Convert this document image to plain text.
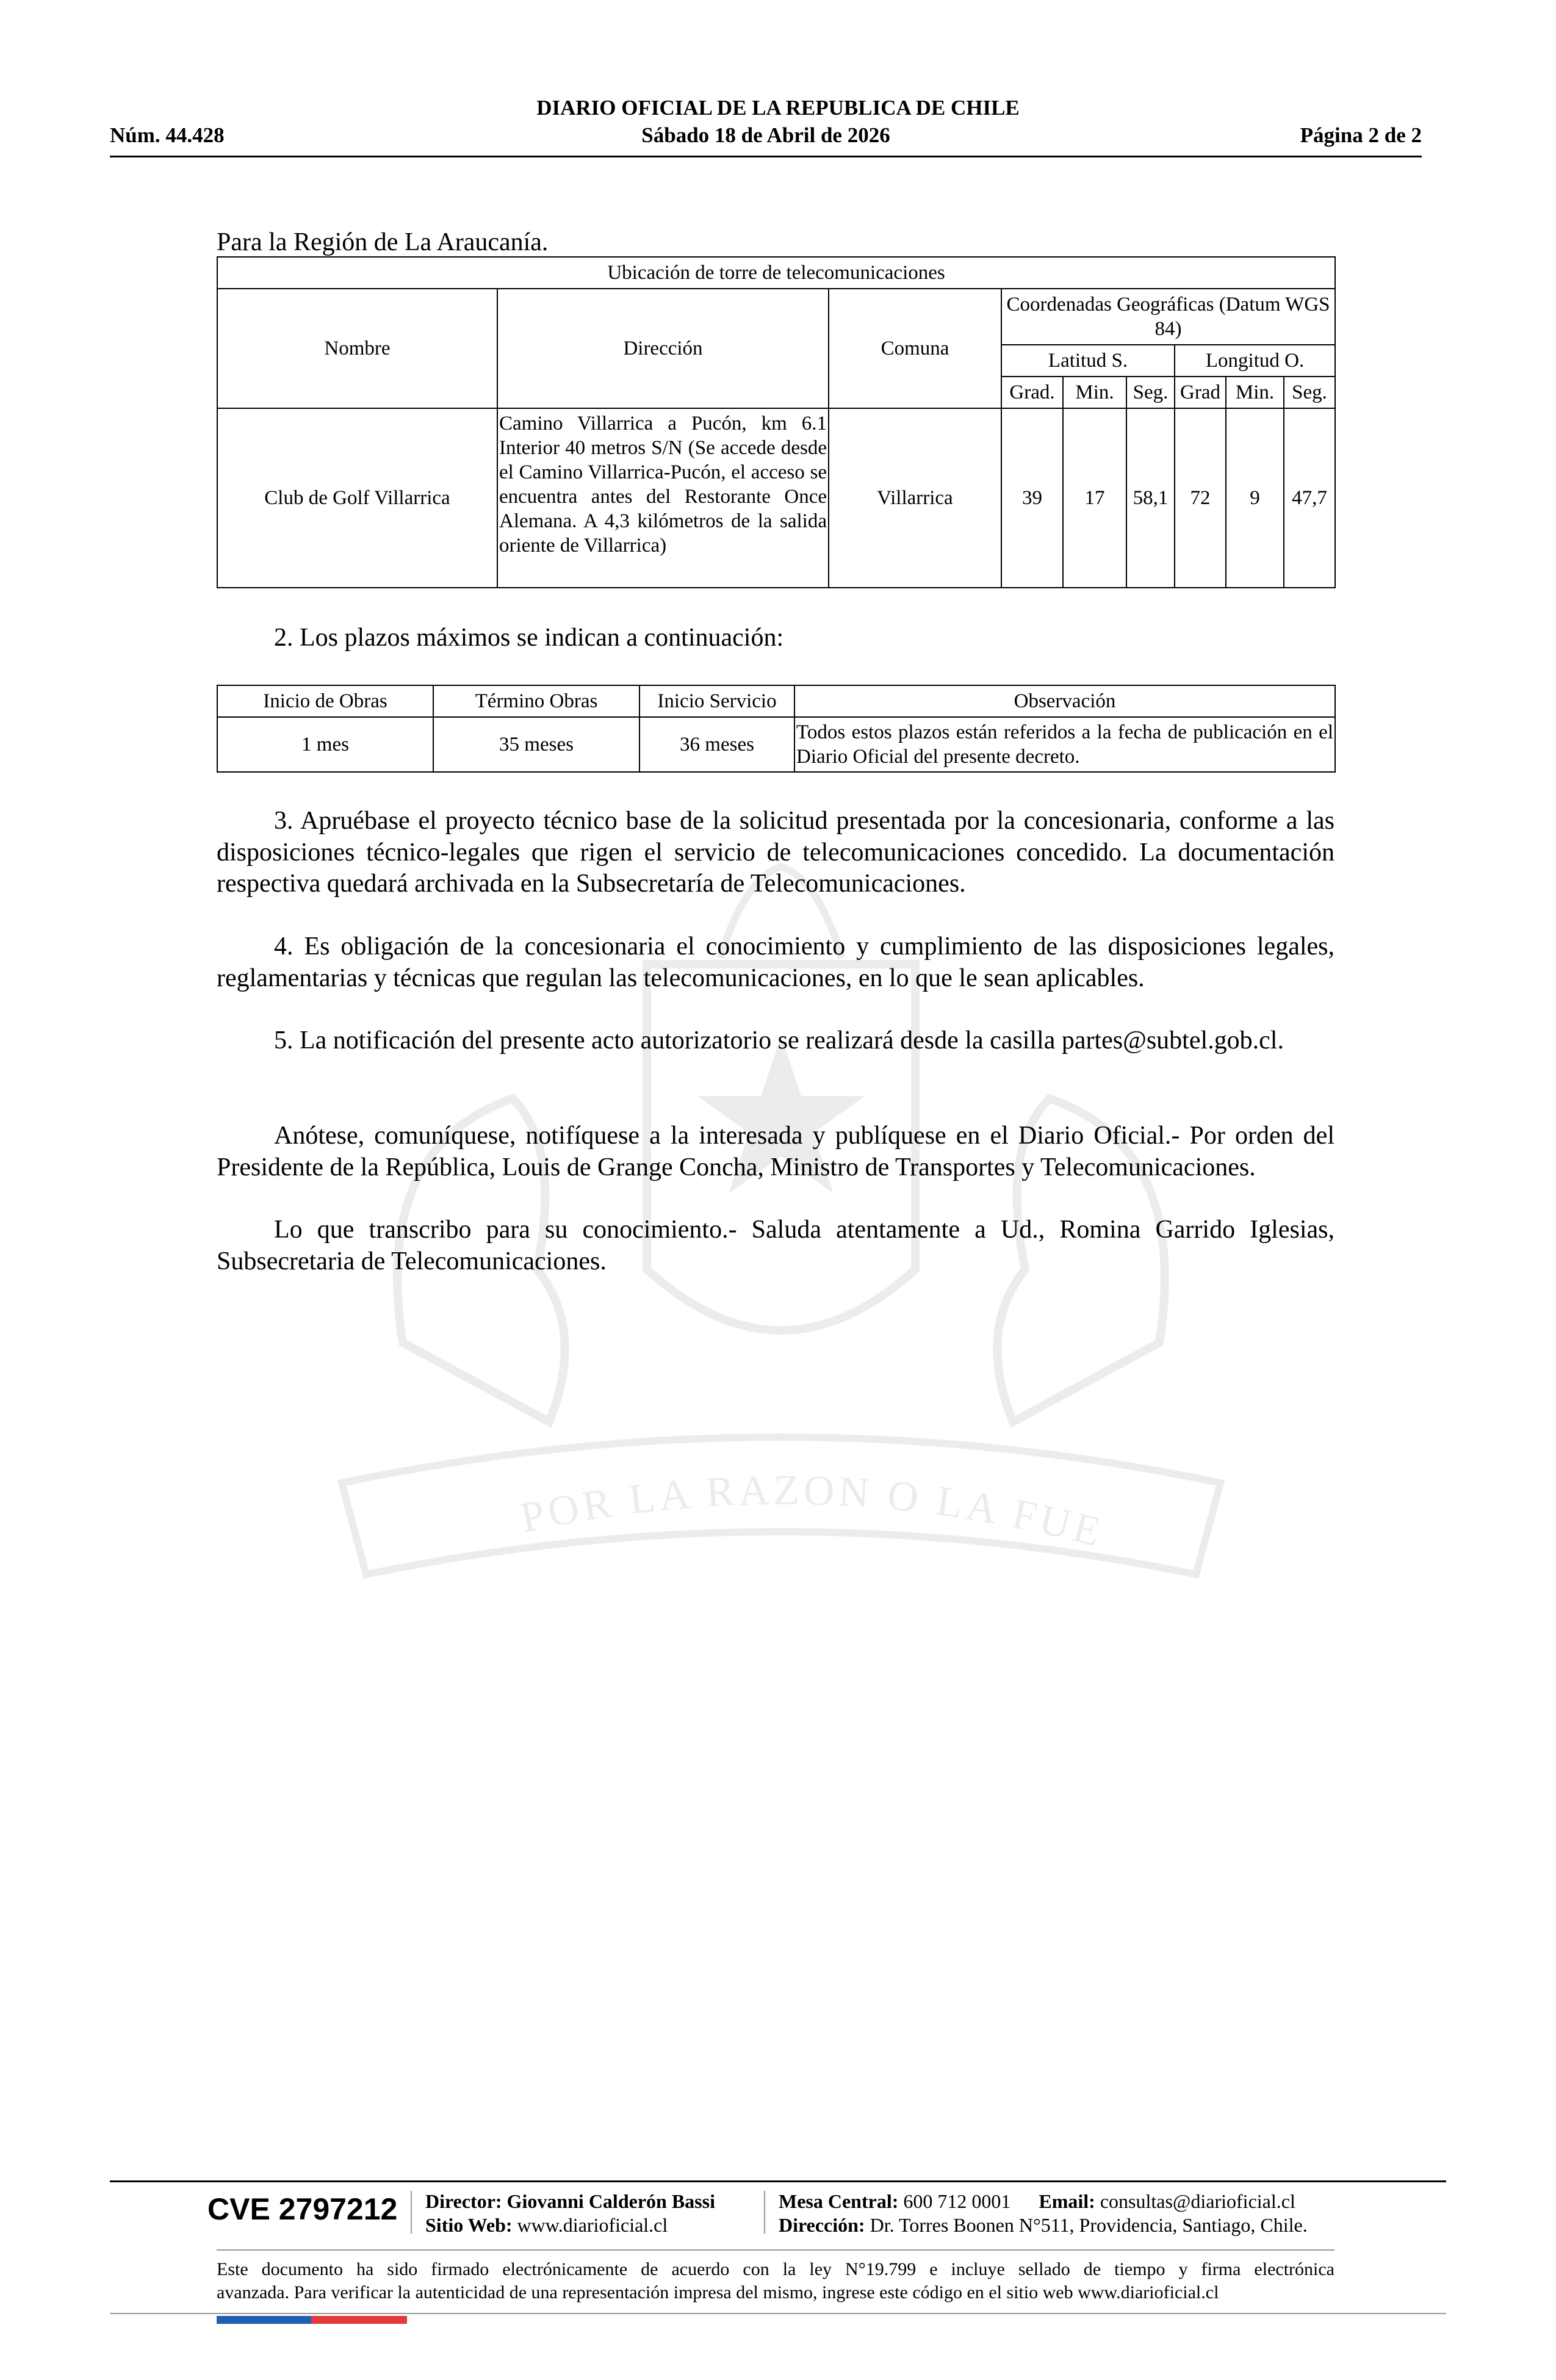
POR LA RAZON O LA FUE
DIARIO OFICIAL DE LA REPUBLICA DE CHILE
Núm. 44.428	Sábado 18 de Abril de 2026	Página 2 de 2
Para la Región de La Araucanía.
Ubicación de torre de telecomunicaciones								
Nombre	Dirección	Comuna	Coordenadas Geográficas (Datum WGS 84)					
			Latitud S.			Longitud O.		
			Grad.	Min.	Seg.	Grad	Min.	Seg.
Club de Golf Villarrica	Camino Villarrica a Pucón, km 6.1 Interior 40 metros S/N (Se accede desde el Camino Villarrica-Pucón, el acceso se encuentra antes del Restorante Once Alemana. A 4,3 kilómetros de la salida oriente de Villarrica)	Villarrica	39	17	58,1	72	9	47,7

2. Los plazos máximos se indican a continuación:

Inicio de Obras	Término Obras	Inicio Servicio	Observación
1 mes	35 meses	36 meses	Todos estos plazos están referidos a la fecha de publicación en el Diario Oficial del presente decreto.

3. Apruébase el proyecto técnico base de la solicitud presentada por la concesionaria, conforme a las disposiciones técnico-legales que rigen el servicio de telecomunicaciones concedido. La documentación respectiva quedará archivada en la Subsecretaría de Telecomunicaciones.

4. Es obligación de la concesionaria el conocimiento y cumplimiento de las disposiciones legales, reglamentarias y técnicas que regulan las telecomunicaciones, en lo que le sean aplicables.

5. La notificación del presente acto autorizatorio se realizará desde la casilla partes@subtel.gob.cl.

Anótese, comuníquese, notifíquese a la interesada y publíquese en el Diario Oficial.- Por orden del Presidente de la República, Louis de Grange Concha, Ministro de Transportes y Telecomunicaciones.

Lo que transcribo para su conocimiento.- Saluda atentamente a Ud., Romina Garrido Iglesias, Subsecretaria de Telecomunicaciones.

CVE 2797212 Director: Giovanni Calderón Bassi
Sitio Web: www.diarioficial.cl
Mesa Central: 600 712 0001 Email: consultas@diarioficial.cl
Dirección: Dr. Torres Boonen N°511, Providencia, Santiago, Chile.
Este documento ha sido firmado electrónicamente de acuerdo con la ley N°19.799 e incluye sellado de tiempo y firma electrónica
avanzada. Para verificar la autenticidad de una representación impresa del mismo, ingrese este código en el sitio web www.diarioficial.cl
